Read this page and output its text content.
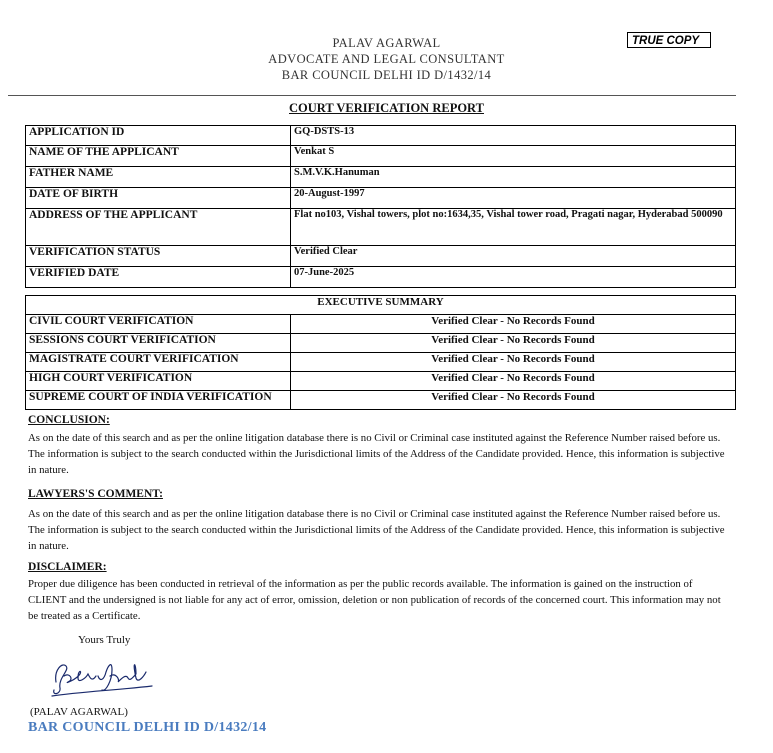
PALAV AGARWAL
ADVOCATE AND LEGAL CONSULTANT
BAR COUNCIL DELHI ID D/1432/14
TRUE COPY
COURT VERIFICATION REPORT
APPLICATION ID	GQ-DSTS-13
NAME OF THE APPLICANT	Venkat S
FATHER NAME	S.M.V.K.Hanuman
DATE OF BIRTH	20-August-1997
ADDRESS OF THE APPLICANT	Flat no103, Vishal towers, plot no:1634,35, Vishal tower road, Pragati nagar, Hyderabad 500090
VERIFICATION STATUS	Verified Clear
VERIFIED DATE	07-June-2025
EXECUTIVE SUMMARY	
CIVIL COURT VERIFICATION	Verified Clear - No Records Found
SESSIONS COURT VERIFICATION	Verified Clear - No Records Found
MAGISTRATE COURT VERIFICATION	Verified Clear - No Records Found
HIGH COURT VERIFICATION	Verified Clear - No Records Found
SUPREME COURT OF INDIA VERIFICATION	Verified Clear - No Records Found
CONCLUSION:
As on the date of this search and as per the online litigation database there is no Civil or Criminal case instituted against the Reference Number raised before us. The information is subject to the search conducted within the Jurisdictional limits of the Address of the Candidate provided. Hence, this information is subjective in nature.
LAWYERS'S COMMENT:
As on the date of this search and as per the online litigation database there is no Civil or Criminal case instituted against the Reference Number raised before us. The information is subject to the search conducted within the Jurisdictional limits of the Address of the Candidate provided. Hence, this information is subjective in nature.
DISCLAIMER:
Proper due diligence has been conducted in retrieval of the information as per the public records available. The information is gained on the instruction of CLIENT and the undersigned is not liable for any act of error, omission, deletion or non publication of records of the concerned court. This information may not be treated as a Certificate.
Yours Truly
(PALAV AGARWAL)
BAR COUNCIL DELHI ID D/1432/14
